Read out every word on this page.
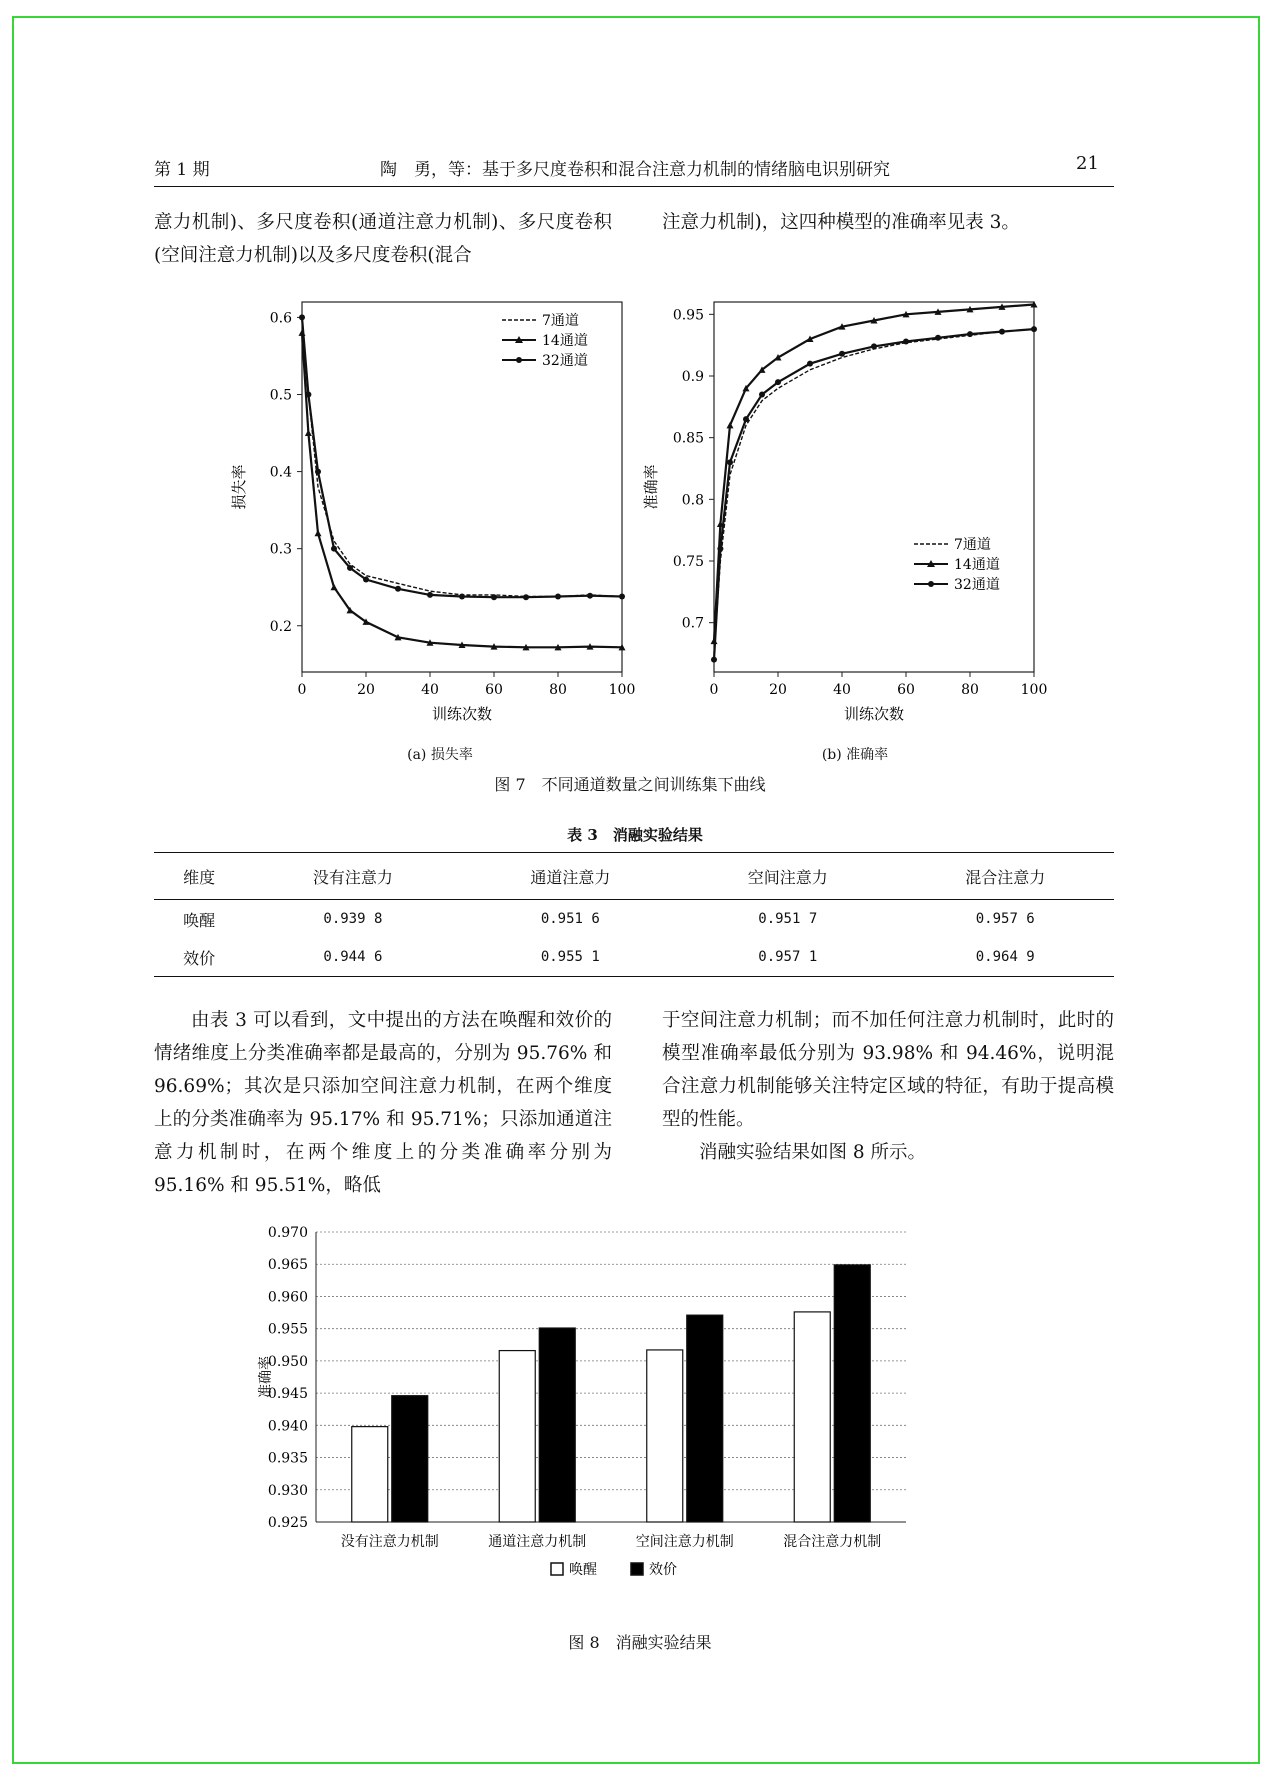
第 1 期	陶　勇，等：基于多尺度卷积和混合注意力机制的情绪脑电识别研究	21
意力机制)、多尺度卷积(通道注意力机制)、多尺度卷积(空间注意力机制)以及多尺度卷积(混合
注意力机制)，这四种模型的准确率见表 3。
0.2
0.3
0.4
0.5
0.6
0	20	40	60	80	100
训练次数
损失率
7通道
14通道
32通道
0.7
0.75
0.8
0.85
0.9
0.95
0	20	40	60	80	100
训练次数
准确率
7通道
14通道
32通道
(a) 损失率	(b) 准确率
图 7　不同通道数量之间训练集下曲线
表 3　消融实验结果
维度	没有注意力	通道注意力	空间注意力	混合注意力
唤醒	0.939 8	0.951 6	0.951 7	0.957 6
效价	0.944 6	0.955 1	0.957 1	0.964 9
由表 3 可以看到，文中提出的方法在唤醒和效价的情绪维度上分类准确率都是最高的，分别为 95.76% 和 96.69%；其次是只添加空间注意力机制，在两个维度上的分类准确率为 95.17% 和 95.71%；只添加通道注意力机制时，在两个维度上的分类准确率分别为 95.16% 和 95.51%，略低

于空间注意力机制；而不加任何注意力机制时，此时的模型准确率最低分别为 93.98% 和 94.46%，说明混合注意力机制能够关注特定区域的特征，有助于提高模型的性能。

消融实验结果如图 8 所示。

0.925
0.930
0.935
0.940
0.945
0.950
0.955
0.960
0.965
0.970
准确率
没有注意力机制	通道注意力机制	空间注意力机制	混合注意力机制
唤醒	效价
图 8　消融实验结果
